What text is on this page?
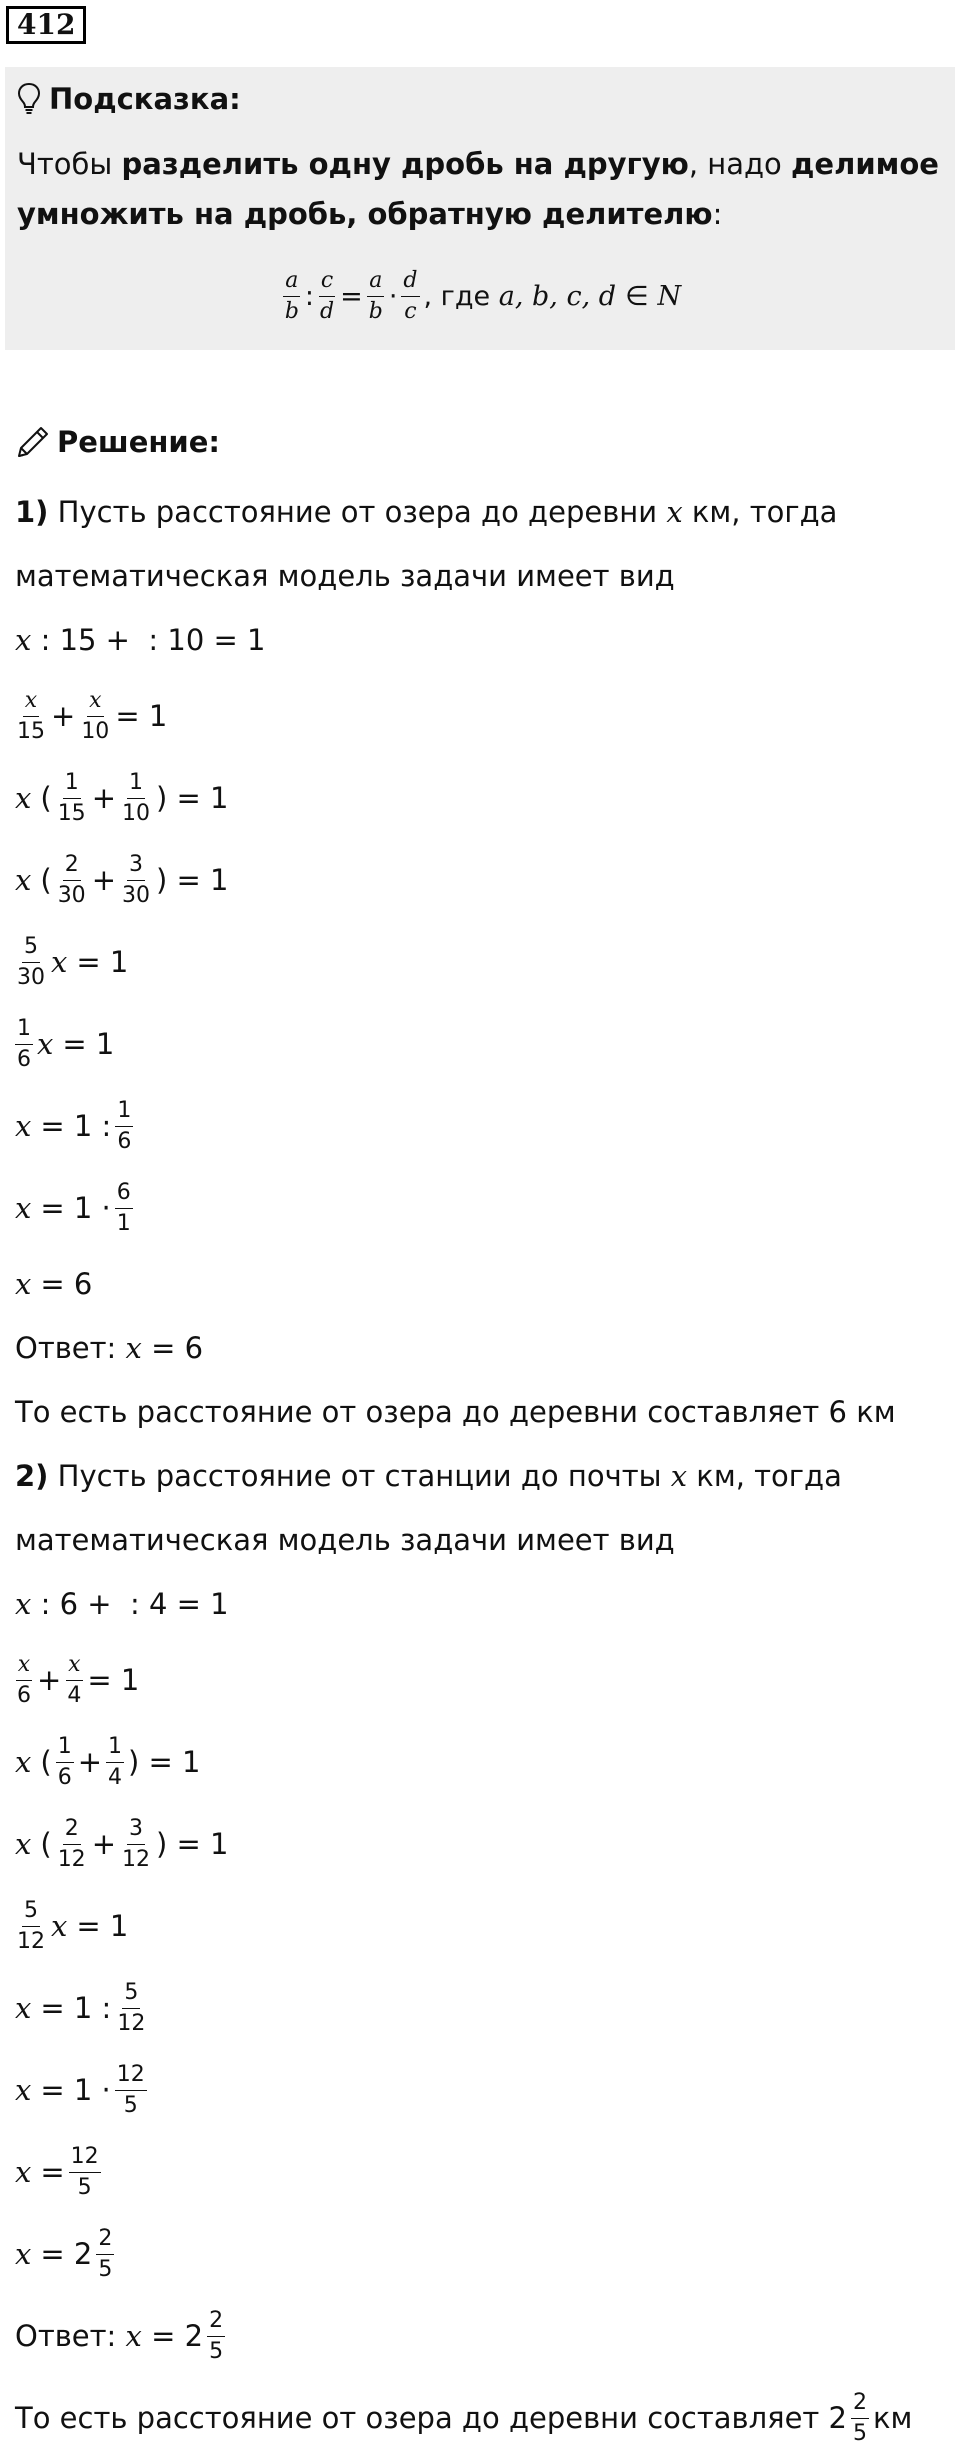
412
Подсказка:
Чтобы разделить одну дробь на другую, надо делимое умножить на дробь, обратную делителю:
$\frac{a}{b}$ : $\frac{c}{d} = \frac{a}{b} \cdot \frac{d}{c}$ , где a, b, c, d ∈ N
Решение:
1) Пусть расстояние от озера до деревни x км, тогда
математическая модель задачи имеет вид
x : 15 +  : 10 = 1
$\frac{x}{15} + \frac{x}{10} = 1$
x ( $\frac{1}{15} + \frac{1}{10}$ ) = 1
x ( $\frac{2}{30} + \frac{3}{30}$ ) = 1
$\frac{5}{30}$ x = 1
$\frac{1}{6}$ x = 1
x = 1 : $\frac{1}{6}$
$x = 1 \cdot \frac{6}{1}$
x = 6
Ответ: x = 6
То есть расстояние от озера до деревни составляет 6 км
2) Пусть расстояние от станции до почты x км, тогда
математическая модель задачи имеет вид
x : 6 +  : 4 = 1
$\frac{x}{6} + \frac{x}{4} = 1$
x ( $\frac{1}{6} + \frac{1}{4}$ ) = 1
x ( $\frac{2}{12} + \frac{3}{12}$ ) = 1
$\frac{5}{12}$ x = 1
x = 1 : $\frac{5}{12}$
$x = 1 \cdot \frac{12}{5}$
$x = \frac{12}{5}$
$x = 2 \frac{2}{5}$
Ответ: $x = 2 \frac{2}{5}$
То есть расстояние от озера до деревни составляет $2 \frac{2}{5}$ км
